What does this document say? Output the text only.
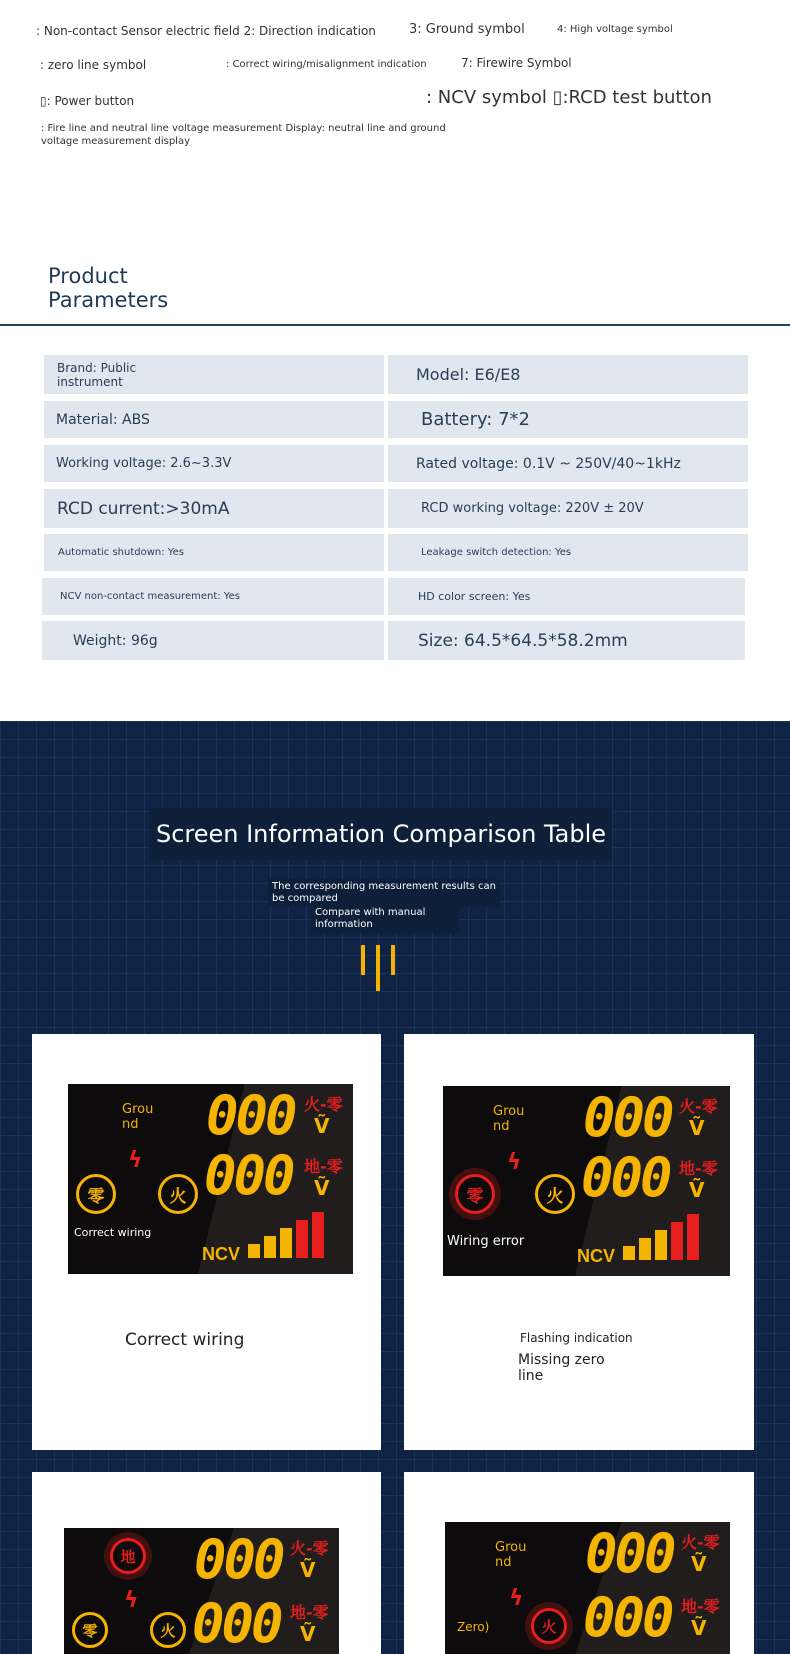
: Non-contact Sensor electric field 2: Direction indication	3: Ground symbol	4: High voltage symbol
: zero line symbol	: Correct wiring/misalignment indication	7: Firewire Symbol
▯: Power button	: NCV symbol ▯:RCD test button
: Fire line and neutral line voltage measurement Display: neutral line and ground voltage measurement display
Product Parameters
Brand: Public instrument	Model: E6/E8
Material: ABS	Battery: 7*2
Working voltage: 2.6~3.3V	Rated voltage: 0.1V ~ 250V/40~1kHz
RCD current:>30mA	RCD working voltage: 220V ± 20V
Automatic shutdown: Yes	Leakage switch detection: Yes
NCV non-contact measurement: Yes	HD color screen: Yes
Weight: 96g	Size: 64.5*64.5*58.2mm
Screen Information Comparison Table
The corresponding measurement results can be compared
Compare with manual information
Grou nd
ϟ
零	火
Correct wiring
000
000
火-零
Ṽ
地-零
Ṽ
NCV
Correct wiring
Grou nd
ϟ
零	火
Wiring error
000
000
火-零
Ṽ
地-零
Ṽ
NCV
Flashing indication
Missing zero line
地
ϟ
零	火
000
000
火-零
Ṽ
地-零
Ṽ
Grou nd
ϟ
Zero)	火
000
000
火-零
Ṽ
地-零
Ṽ
